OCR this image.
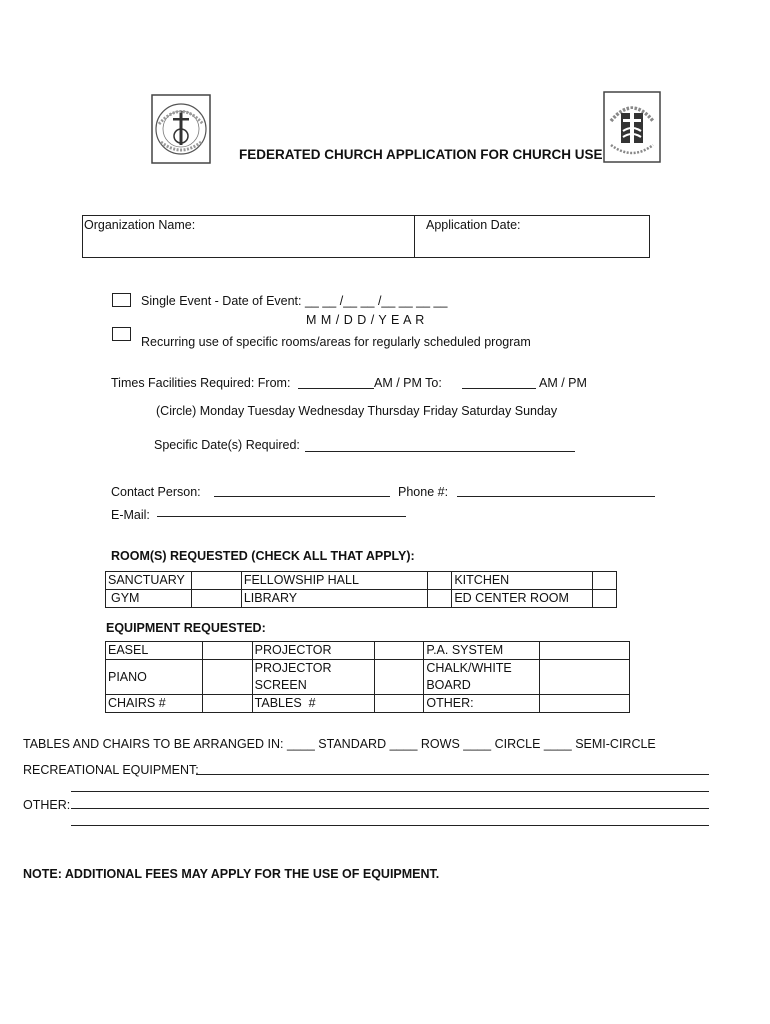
FEDERATED CHURCH APPLICATION FOR CHURCH USE
Organization Name:	Application Date:
Single Event - Date of Event: __ __ /__ __ /__ __ __ __
M M / D D / Y E A R
Recurring use of specific rooms/areas for regularly scheduled program
Times Facilities Required: From:	AM / PM To:	AM / PM
(Circle) Monday Tuesday Wednesday Thursday Friday Saturday Sunday
Specific Date(s) Required:
Contact Person:	Phone #:
E-Mail:
ROOM(S) REQUESTED (CHECK ALL THAT APPLY):
SANCTUARY		FELLOWSHIP HALL		KITCHEN	
GYM		LIBRARY		ED CENTER ROOM	
EQUIPMENT REQUESTED:
EASEL		PROJECTOR		P.A. SYSTEM	
PIANO		PROJECTOR SCREEN		CHALK/WHITE BOARD	
CHAIRS #		TABLES  #		OTHER:	
TABLES AND CHAIRS TO BE ARRANGED IN: ____ STANDARD ____ ROWS ____ CIRCLE ____ SEMI-CIRCLE
RECREATIONAL EQUIPMENT:
OTHER:
NOTE: ADDITIONAL FEES MAY APPLY FOR THE USE OF EQUIPMENT.
